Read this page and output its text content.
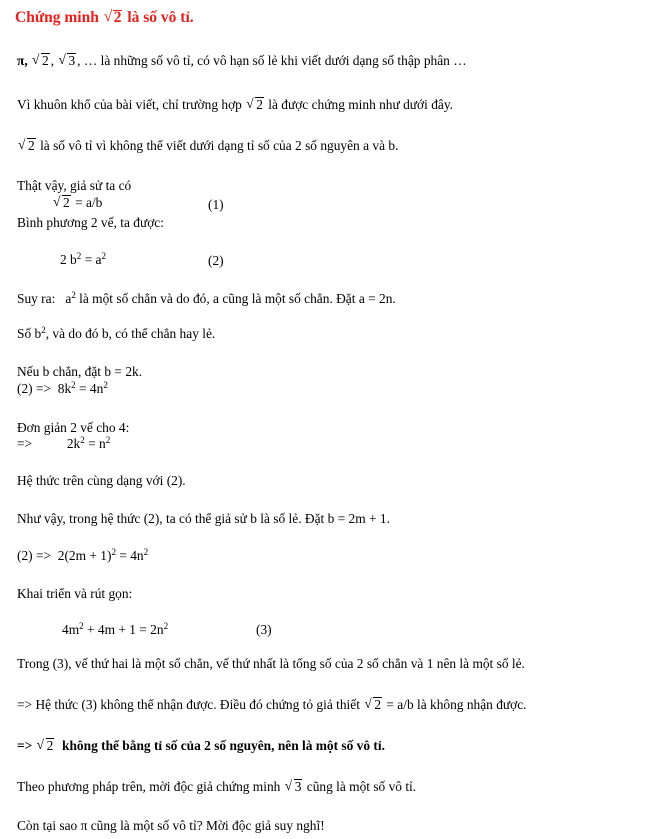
Chứng minh √ 2 là số vô tỉ.
π, √ 2 , √ 3 , … là những số vô tỉ, có vô hạn số lẻ khi viết dưới dạng số thập phân …
Vì khuôn khổ của bài viết, chỉ trường hợp √ 2 là được chứng minh như dưới đây.
√ 2 là số vô tỉ vì không thể viết dưới dạng tỉ số của 2 số nguyên a và b.
Thật vậy, giả sử ta có
√ 2 = a/b	(1)
Bình phương 2 vế, ta được:
2 $b^2 = a^2$	(2)
Suy ra: $a^2$ là một số chẳn và do đó, a cũng là một số chẳn. Đặt a = 2n.
Số $b^2$, và do đó b, có thể chẳn hay lẻ.
Nếu b chẳn, đặt b = 2k.
$(2) => 8k^2 = 4n^2$
Đơn giản 2 vế cho 4:
=>	$2k^2 = n^2$
Hệ thức trên cùng dạng với (2).
Như vậy, trong hệ thức (2), ta có thể giả sử b là số lẻ. Đặt b = 2m + 1.
$(2) => 2(2m + 1)^2 = 4n^2$
Khai triển và rút gọn:
$4m^2 + 4m + 1 = 2n^2$	(3)
Trong (3), vế thứ hai là một số chẳn, vế thứ nhất là tổng số của 2 số chẳn và 1 nên là một số lẻ.
=> Hệ thức (3) không thể nhận được. Điều đó chứng tỏ giả thiết √ 2 = a/b là không nhận được.
=> √ 2 không thể bằng tỉ số của 2 số nguyên, nên là một số vô tỉ.
Theo phương pháp trên, mời độc giả chứng minh √ 3 cũng là một số vô tỉ.
Còn tại sao π cũng là một số vô tỉ? Mời độc giả suy nghĩ!
